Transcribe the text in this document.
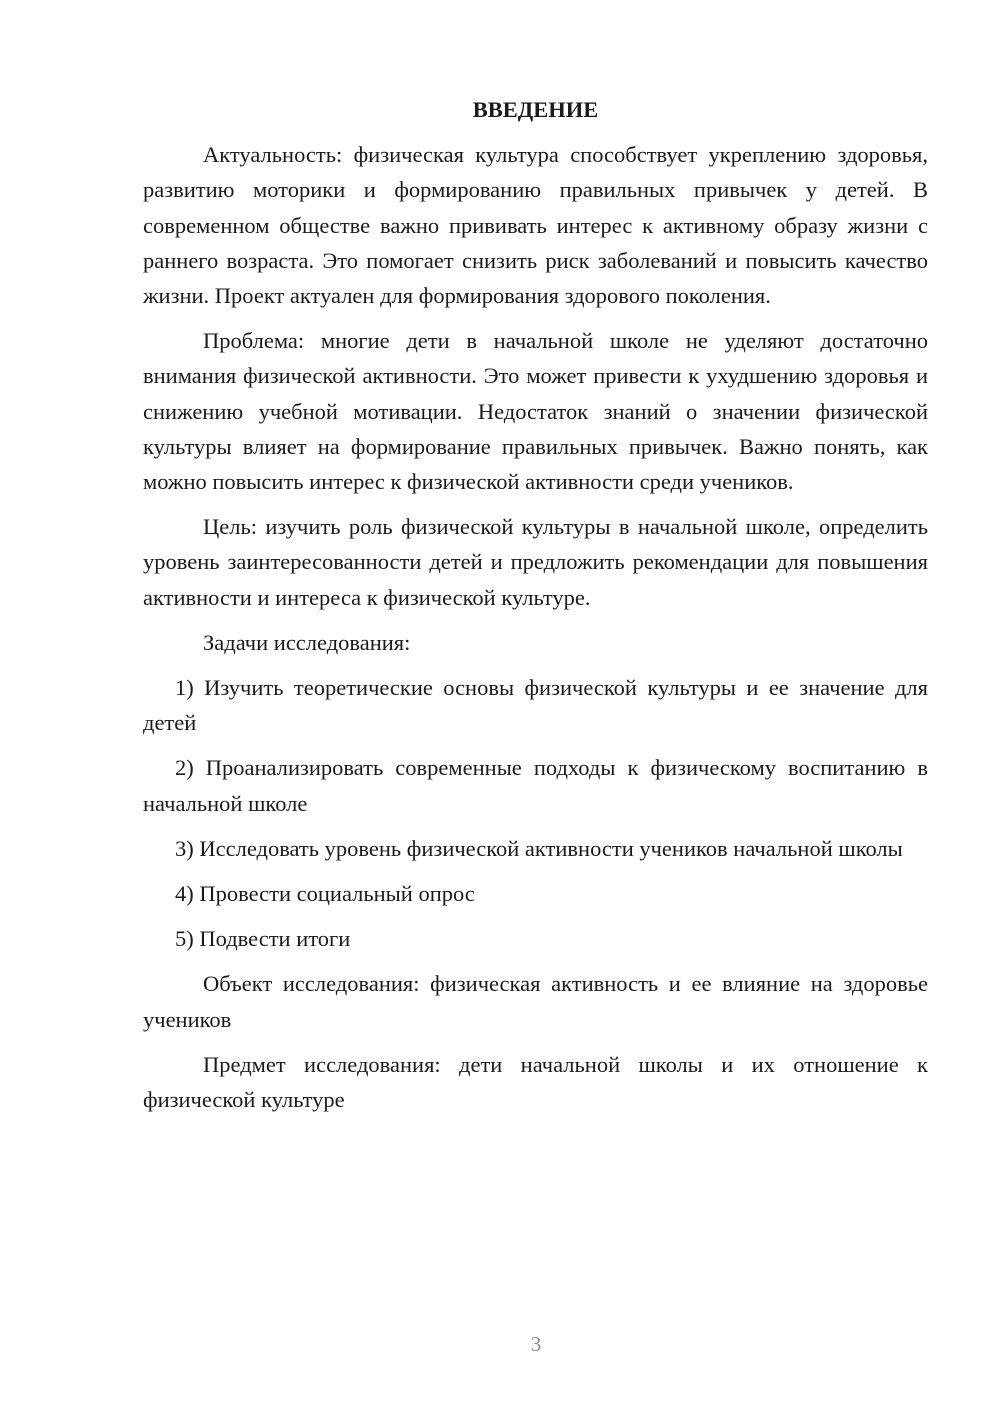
ВВЕДЕНИЕ

Актуальность: физическая культура способствует укреплению здоровья, развитию моторики и формированию правильных привычек у детей. В современном обществе важно прививать интерес к активному образу жизни с раннего возраста. Это помогает снизить риск заболеваний и повысить качество жизни. Проект актуален для формирования здорового поколения.

Проблема: многие дети в начальной школе не уделяют достаточно внимания физической активности. Это может привести к ухудшению здоровья и снижению учебной мотивации. Недостаток знаний о значении физической культуры влияет на формирование правильных привычек. Важно понять, как можно повысить интерес к физической активности среди учеников.

Цель: изучить роль физической культуры в начальной школе, определить уровень заинтересованности детей и предложить рекомендации для повышения активности и интереса к физической культуре.

Задачи исследования:

1) Изучить теоретические основы физической культуры и ее значение для детей

2) Проанализировать современные подходы к физическому воспитанию в начальной школе

3) Исследовать уровень физической активности учеников начальной школы

4) Провести социальный опрос

5) Подвести итоги

Объект исследования: физическая активность и ее влияние на здоровье учеников

Предмет исследования: дети начальной школы и их отношение к физической культуре

3
